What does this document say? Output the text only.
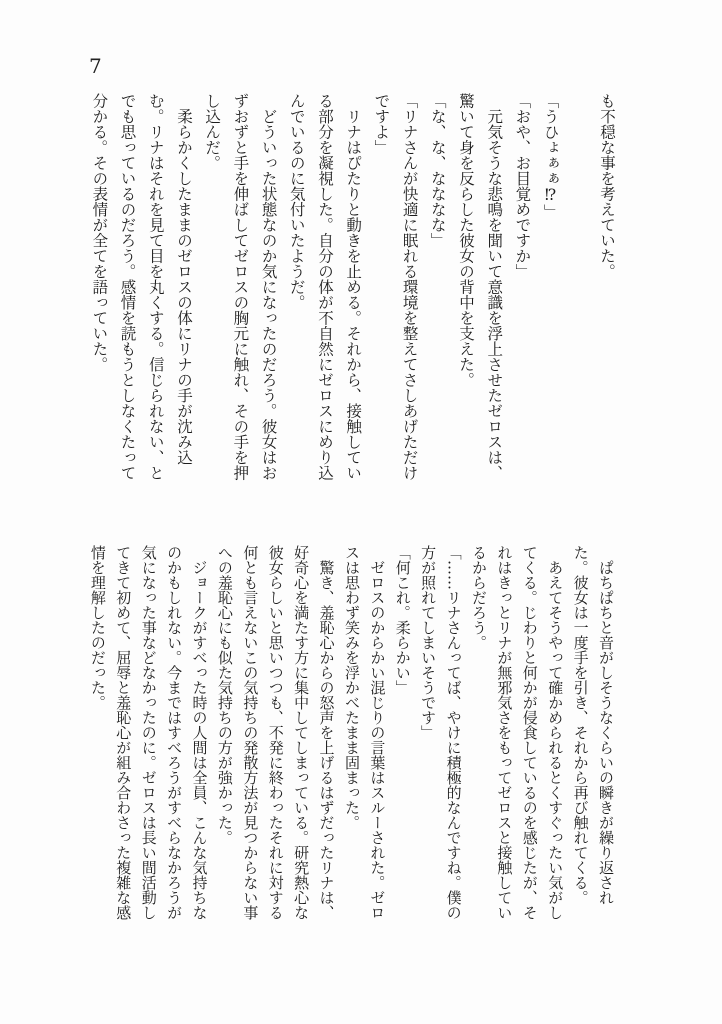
7
も不穏な事を考えていた。

「うひょぁぁ⁉」
「おや、お目覚めですか」
　元気そうな悲鳴を聞いて意識を浮上させたゼロスは、
驚いて身を反らした彼女の背中を支えた。
「な、な、なななな」
「リナさんが快適に眠れる環境を整えてさしあげただけ
ですよ」
　リナはぴたりと動きを止める。それから、接触してい
る部分を凝視した。自分の体が不自然にゼロスにめり込
んでいるのに気付いたようだ。
　どういった状態なのか気になったのだろう。彼女はお
ずおずと手を伸ばしてゼロスの胸元に触れ、その手を押
し込んだ。
　柔らかくしたままのゼロスの体にリナの手が沈み込
む。リナはそれを見て目を丸くする。信じられない、と
でも思っているのだろう。感情を読もうとしなくたって
分かる。その表情が全てを語っていた。
　ぱちぱちと音がしそうなくらいの瞬きが繰り返され
た。彼女は一度手を引き、それから再び触れてくる。
　あえてそうやって確かめられるとくすぐったい気がし
てくる。じわりと何かが侵食しているのを感じたが、そ
れはきっとリナが無邪気さをもってゼロスと接触してい
るからだろう。
「……リナさんってば、やけに積極的なんですね。僕の
方が照れてしまいそうです」
「何これ。柔らかい」
　ゼロスのからかい混じりの言葉はスルーされた。ゼロ
スは思わず笑みを浮かべたまま固まった。
　驚き、羞恥心からの怒声を上げるはずだったリナは、
好奇心を満たす方に集中してしまっている。研究熱心な
彼女らしいと思いつつも、不発に終わったそれに対する
何とも言えないこの気持ちの発散方法が見つからない事
への羞恥心にも似た気持ちの方が強かった。
　ジョークがすべった時の人間は全員、こんな気持ちな
のかもしれない。今まではすべろうがすべらなかろうが
気になった事などなかったのに。ゼロスは長い間活動し
てきて初めて、屈辱と羞恥心が組み合わさった複雑な感
情を理解したのだった。
